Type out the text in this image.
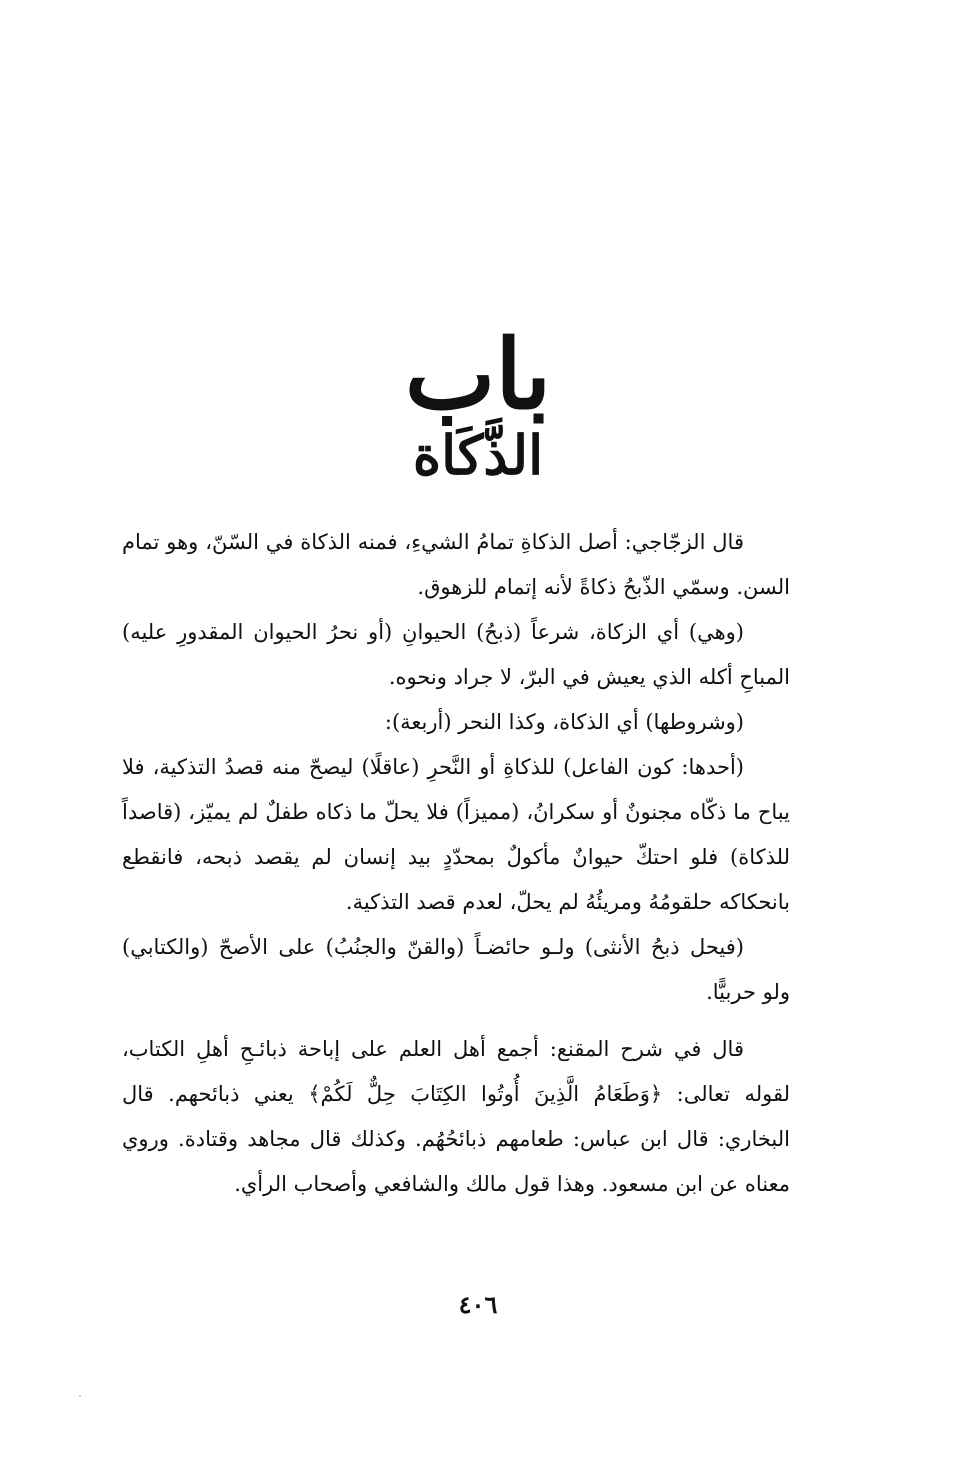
باب
الذَّكَاة

قال الزجّاجي: أصل الذكاةِ تمامُ الشيءِ، فمنه الذكاة في السّنّ، وهو تمام السن. وسمّي الذّبحُ ذكاةً لأنه إتمام للزهوق.

(وهي) أي الزكاة، شرعاً (ذبحُ) الحيوانِ (أو نحرُ الحيوان المقدورِ عليه) المباحِ أكله الذي يعيش في البرّ، لا جراد ونحوه.

(وشروطها) أي الذكاة، وكذا النحر (أربعة):

(أحدها: كون الفاعل) للذكاةِ أو النَّحرِ (عاقلًا) ليصحّ منه قصدُ التذكية، فلا يباح ما ذكّاه مجنونٌ أو سكرانُ، (مميزاً) فلا يحلّ ما ذكاه طفلٌ لم يميّز، (قاصداً للذكاة) فلو احتكّ حيوانٌ مأكولٌ بمحدّدٍ بيد إنسان لم يقصد ذبحه، فانقطع بانحكاكه حلقومُهُ ومريئُهُ لم يحلّ، لعدم قصد التذكية.

(فيحل ذبحُ الأنثى) ولـو حائضـاً (والقنّ والجنُبُ) على الأصحّ (والكتابي) ولو حربيًّا.

قال في شرح المقنع: أجمع أهل العلم على إباحة ذبائـحِ أهلِ الكتاب، لقوله تعالى: ﴿وَطَعَامُ الَّذِينَ أُوتُوا الكِتَابَ حِلٌّ لَكُمْ﴾ يعني ذبائحهم. قال البخاري: قال ابن عباس: طعامهم ذبائحُهُم. وكذلك قال مجاهد وقتادة. وروي معناه عن ابن مسعود. وهذا قول مالك والشافعي وأصحاب الرأي.

٤٠٦
